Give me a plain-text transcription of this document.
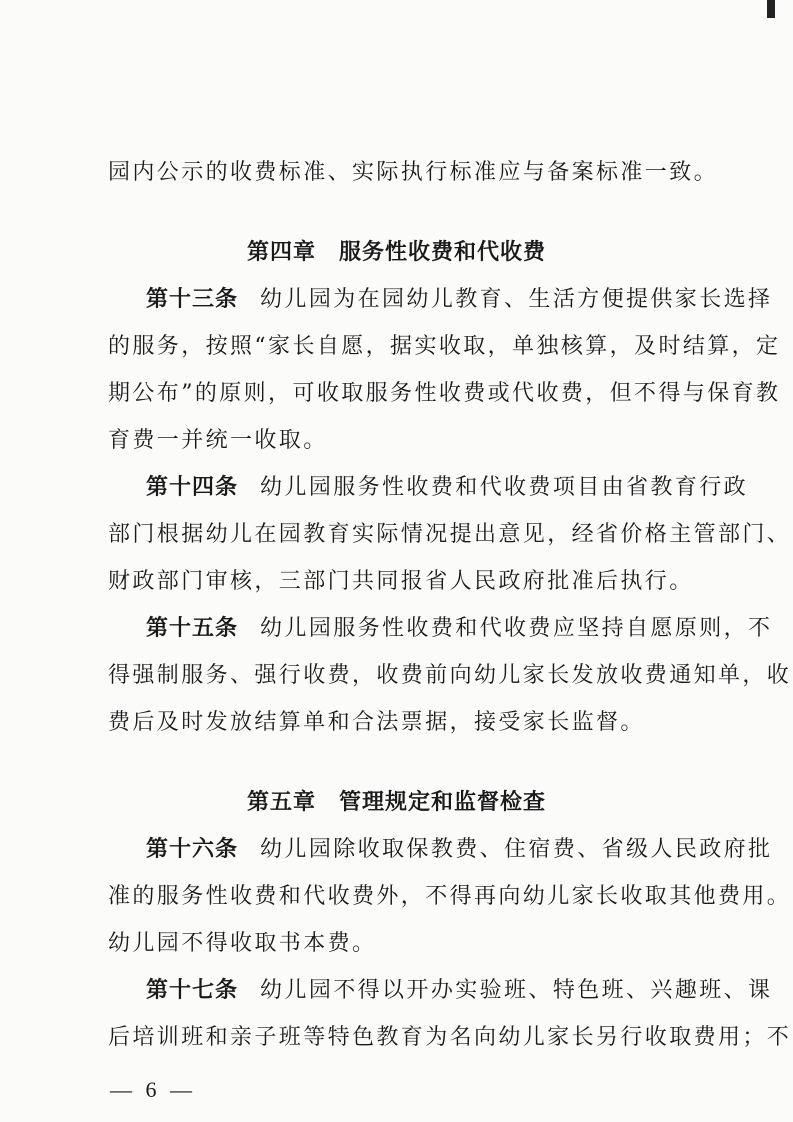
园内公示的收费标准、实际执行标准应与备案标准一致。
第四章　服务性收费和代收费
第十三条 幼儿园为在园幼儿教育、生活方便提供家长选择
的服务，按照“家长自愿，据实收取，单独核算，及时结算，定
期公布”的原则，可收取服务性收费或代收费，但不得与保育教
育费一并统一收取。
第十四条 幼儿园服务性收费和代收费项目由省教育行政
部门根据幼儿在园教育实际情况提出意见，经省价格主管部门、
财政部门审核，三部门共同报省人民政府批准后执行。
第十五条 幼儿园服务性收费和代收费应坚持自愿原则，不
得强制服务、强行收费，收费前向幼儿家长发放收费通知单，收
费后及时发放结算单和合法票据，接受家长监督。
第五章　管理规定和监督检查
第十六条 幼儿园除收取保教费、住宿费、省级人民政府批
准的服务性收费和代收费外，不得再向幼儿家长收取其他费用。
幼儿园不得收取书本费。
第十七条 幼儿园不得以开办实验班、特色班、兴趣班、课
后培训班和亲子班等特色教育为名向幼儿家长另行收取费用；不
— 6 —
